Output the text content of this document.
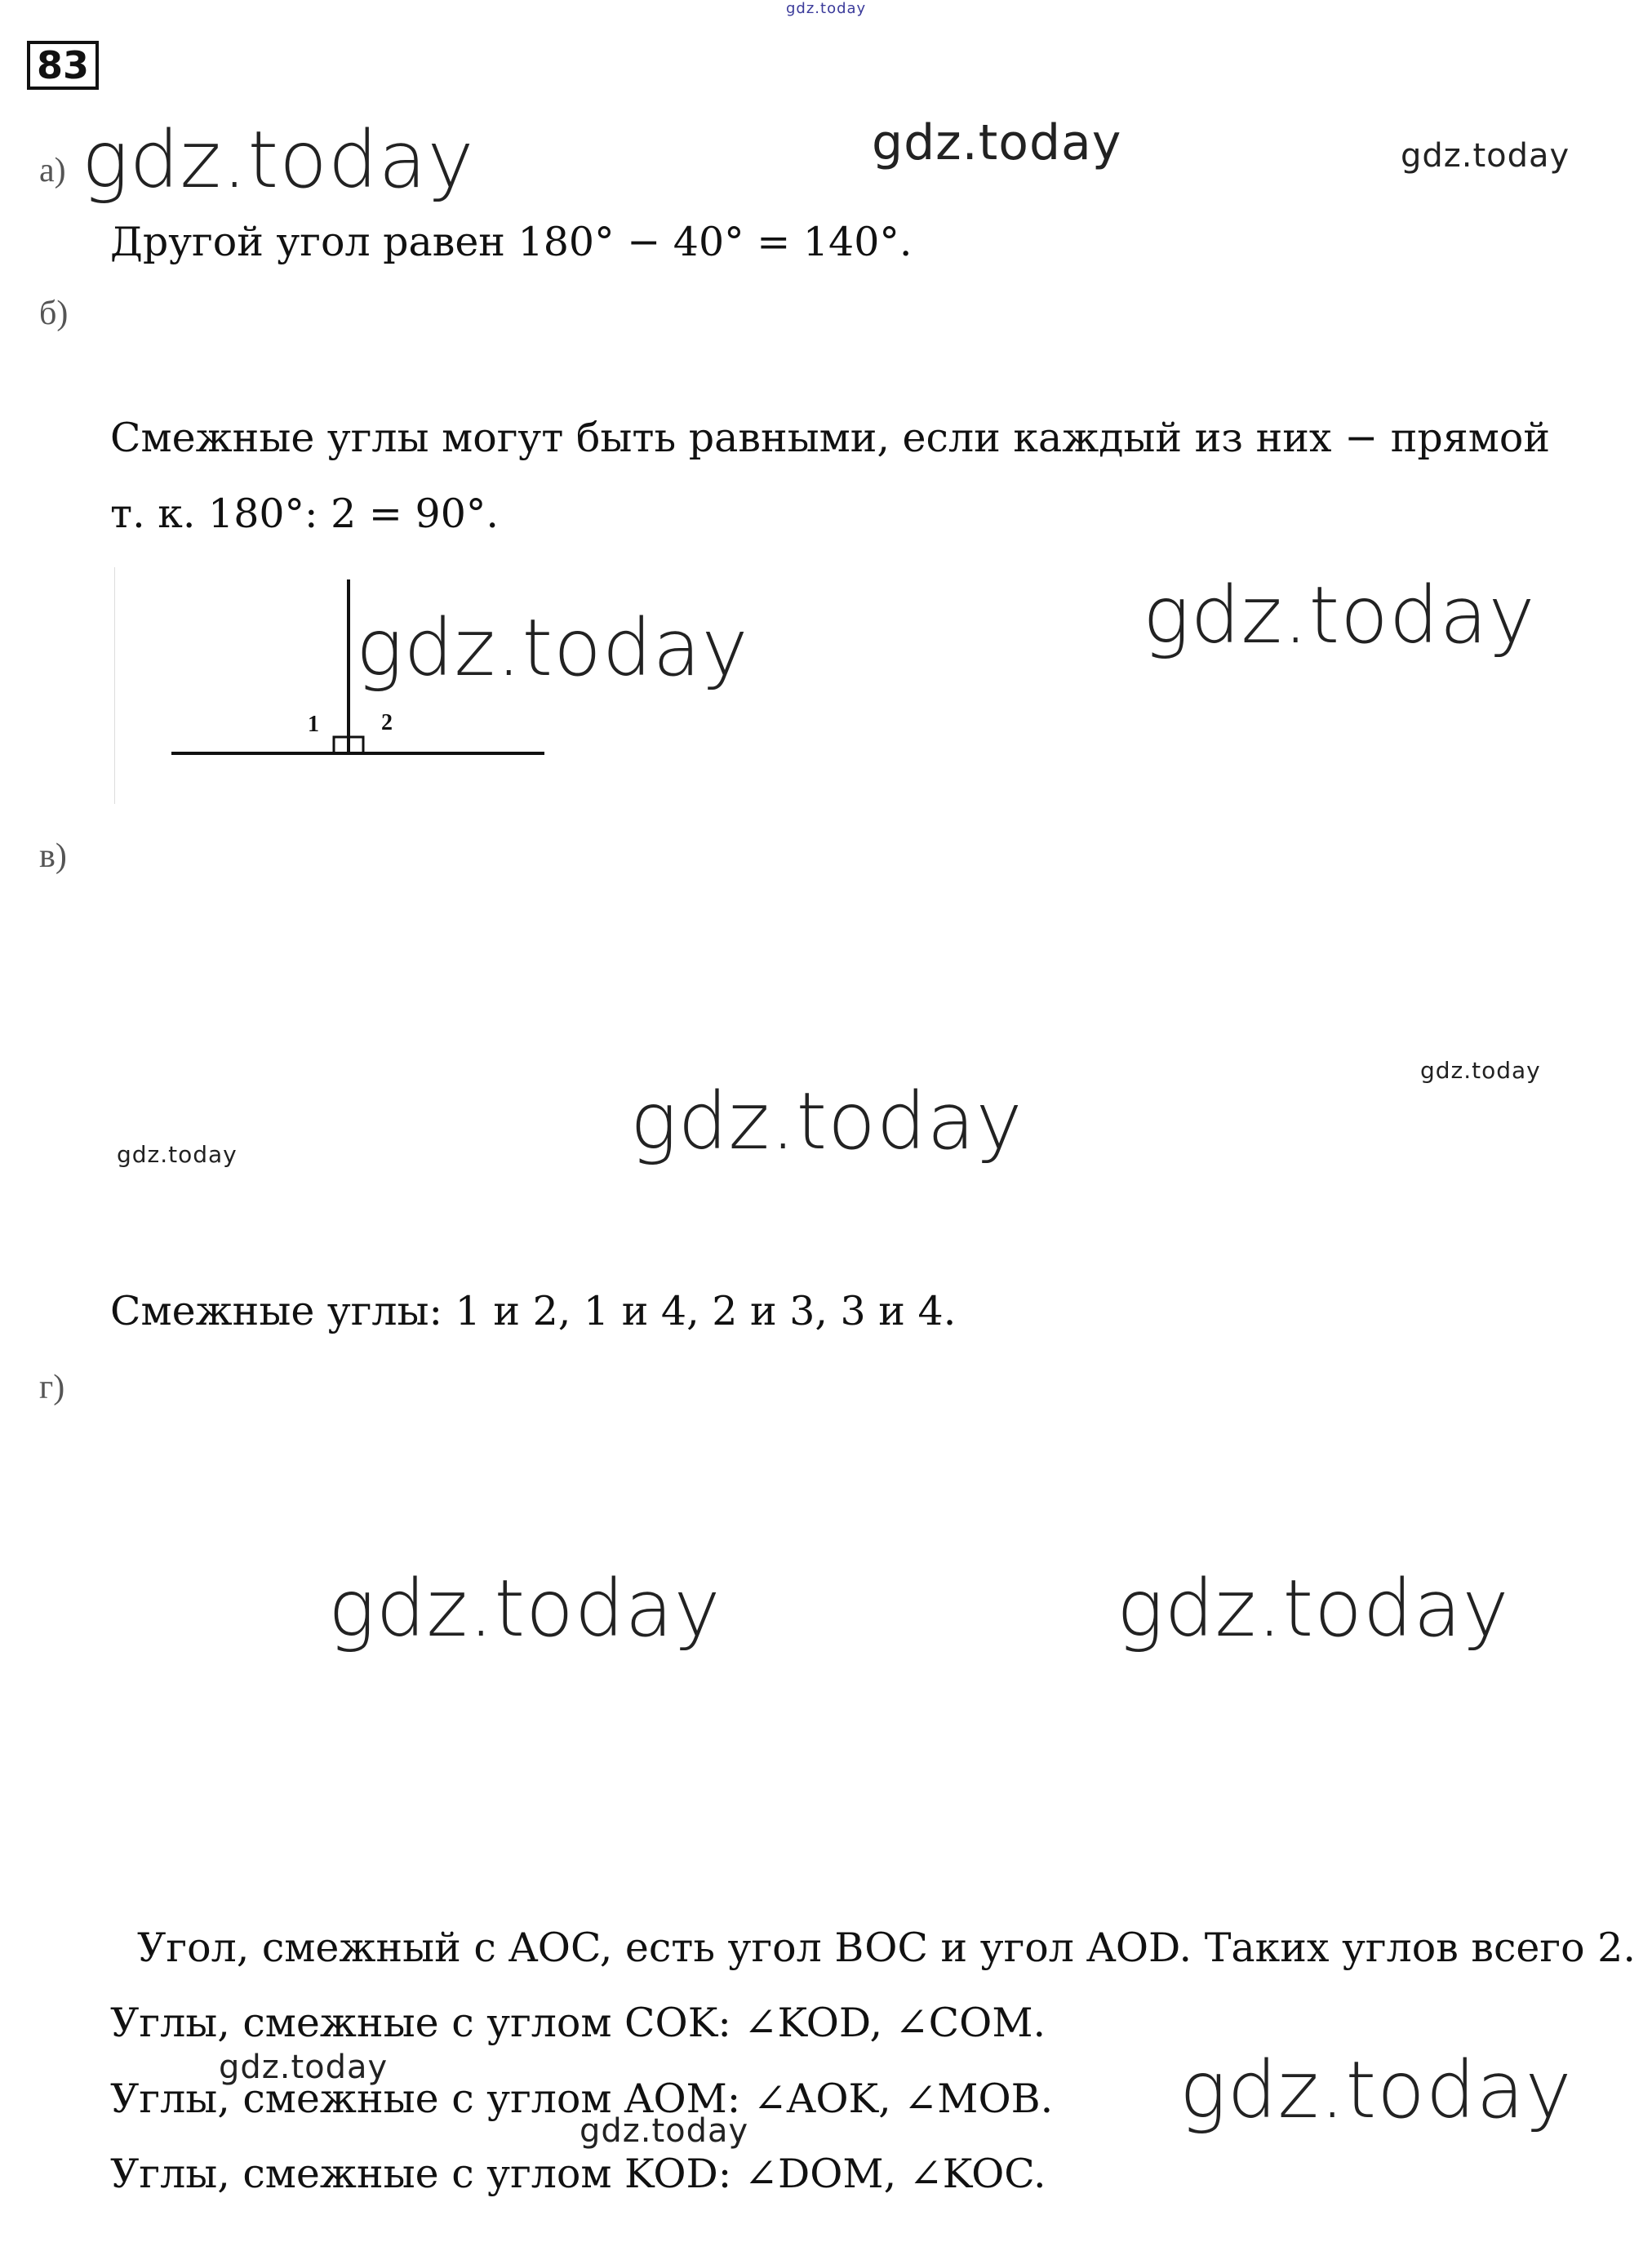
gdz.today
83
а) gdz.today	gdz.today	gdz.today
Другой угол равен 180° − 40° = 140°.
б)
Смежные углы могут быть равными, если каждый из них − прямой
т. к. 180°: 2 = 90°.
1	2
gdz.today	gdz.today
в)
gdz.today
gdz.today
gdz.today
Смежные углы: 1 и 2, 1 и 4, 2 и 3, 3 и 4.
г)
gdz.today	gdz.today
Угол, смежный с AOC, есть угол BOC и угол AOD. Таких углов всего 2.
Углы, смежные с углом COK: ∠KOD, ∠COM.
gdz.today
Углы, смежные с углом AOM: ∠AOK, ∠MOB. gdz.today
gdz.today
Углы, смежные с углом KOD: ∠DOM, ∠KOC.
